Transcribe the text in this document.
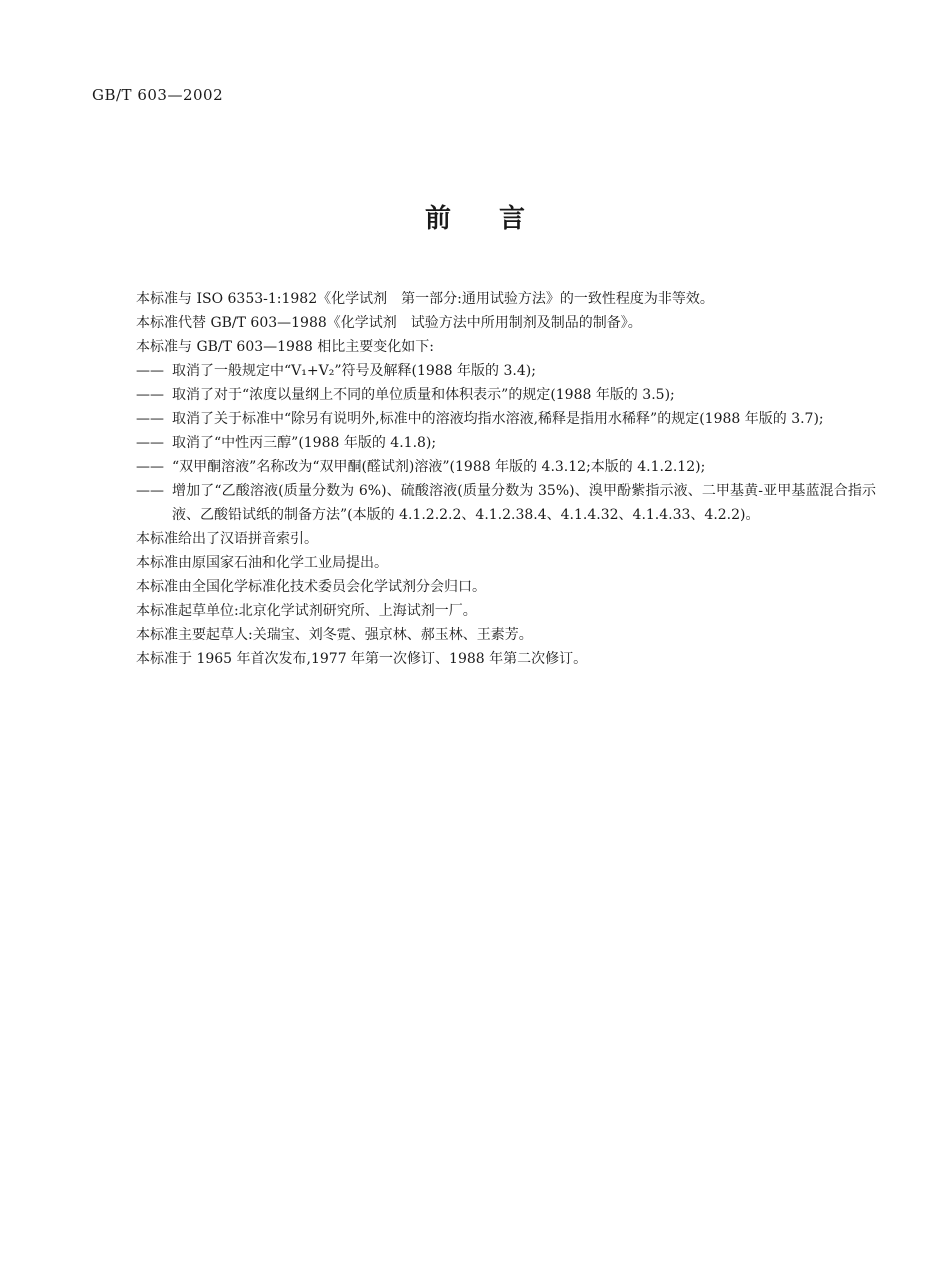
GB/T 603—2002
前 言
本标准与 ISO 6353-1:1982《化学试剂　第一部分:通用试验方法》的一致性程度为非等效。
本标准代替 GB/T 603—1988《化学试剂　试验方法中所用制剂及制品的制备》。
本标准与 GB/T 603—1988 相比主要变化如下:
—— 取消了一般规定中“V₁+V₂”符号及解释(1988 年版的 3.4);
—— 取消了对于“浓度以量纲上不同的单位质量和体积表示”的规定(1988 年版的 3.5);
—— 取消了关于标准中“除另有说明外,标准中的溶液均指水溶液,稀释是指用水稀释”的规定(1988 年版的 3.7);
—— 取消了“中性丙三醇”(1988 年版的 4.1.8);
—— “双甲酮溶液”名称改为“双甲酮(醛试剂)溶液”(1988 年版的 4.3.12;本版的 4.1.2.12);
—— 增加了“乙酸溶液(质量分数为 6%)、硫酸溶液(质量分数为 35%)、溴甲酚紫指示液、二甲基黄-亚甲基蓝混合指示液、乙酸铅试纸的制备方法”(本版的 4.1.2.2.2、4.1.2.38.4、4.1.4.32、4.1.4.33、4.2.2)。
本标准给出了汉语拼音索引。
本标准由原国家石油和化学工业局提出。
本标准由全国化学标准化技术委员会化学试剂分会归口。
本标准起草单位:北京化学试剂研究所、上海试剂一厂。
本标准主要起草人:关瑞宝、刘冬霓、强京林、郝玉林、王素芳。
本标准于 1965 年首次发布,1977 年第一次修订、1988 年第二次修订。
